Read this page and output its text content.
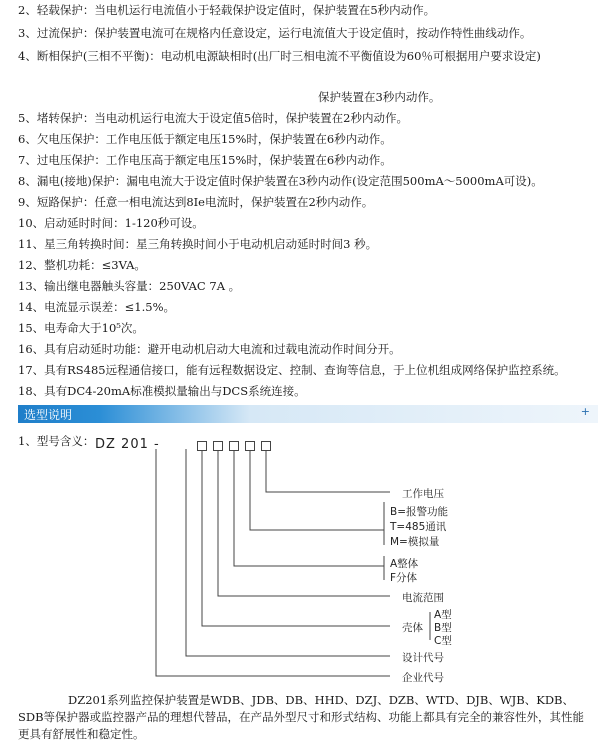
2、轻载保护：当电机运行电流值小于轻载保护设定值时，保护装置在5秒内动作。
3、过流保护：保护装置电流可在规格内任意设定，运行电流值大于设定值时，按动作特性曲线动作。
4、断相保护(三相不平衡)：电动机电源缺相时(出厂时三相电流不平衡值设为60％可根据用户要求设定)
保护装置在3秒内动作。
5、堵转保护：当电动机运行电流大于设定值5倍时，保护装置在2秒内动作。
6、欠电压保护：工作电压低于额定电压15%时，保护装置在6秒内动作。
7、过电压保护：工作电压高于额定电压15%时，保护装置在6秒内动作。
8、漏电(接地)保护：漏电电流大于设定值时保护装置在3秒内动作(设定范围500mA～5000mA可设)。
9、短路保护：任意一相电流达到8Ie电流时，保护装置在2秒内动作。
10、启动延时时间：1-120秒可设。
11、星三角转换时间：星三角转换时间小于电动机启动延时时间3 秒。
12、整机功耗：≤3VA。
13、输出继电器触头容量：250VAC 7A 。
14、电流显示误差：≤1.5%。
15、电寿命大于10⁵次。
16、具有启动延时功能：避开电动机启动大电流和过载电流动作时间分开。
17、具有RS485远程通信接口，能有远程数据设定、控制、查询等信息，于上位机组成网络保护监控系统。
18、具有DC4-20mA标准模拟量输出与DCS系统连接。
选型说明	+
1、型号含义： DZ 201 -
工作电压
B=报警功能
T=485通讯
M=模拟量
A整体
F分体
电流范围
壳体
A型
B型
C型
设计代号
企业代号
DZ201系列监控保护装置是WDB、JDB、DB、HHD、DZJ、DZB、WTD、DJB、WJB、KDB、SDB等保护器或监控器产品的理想代替品，在产品外型尺寸和形式结构、功能上都具有完全的兼容性外，其性能更具有舒展性和稳定性。
